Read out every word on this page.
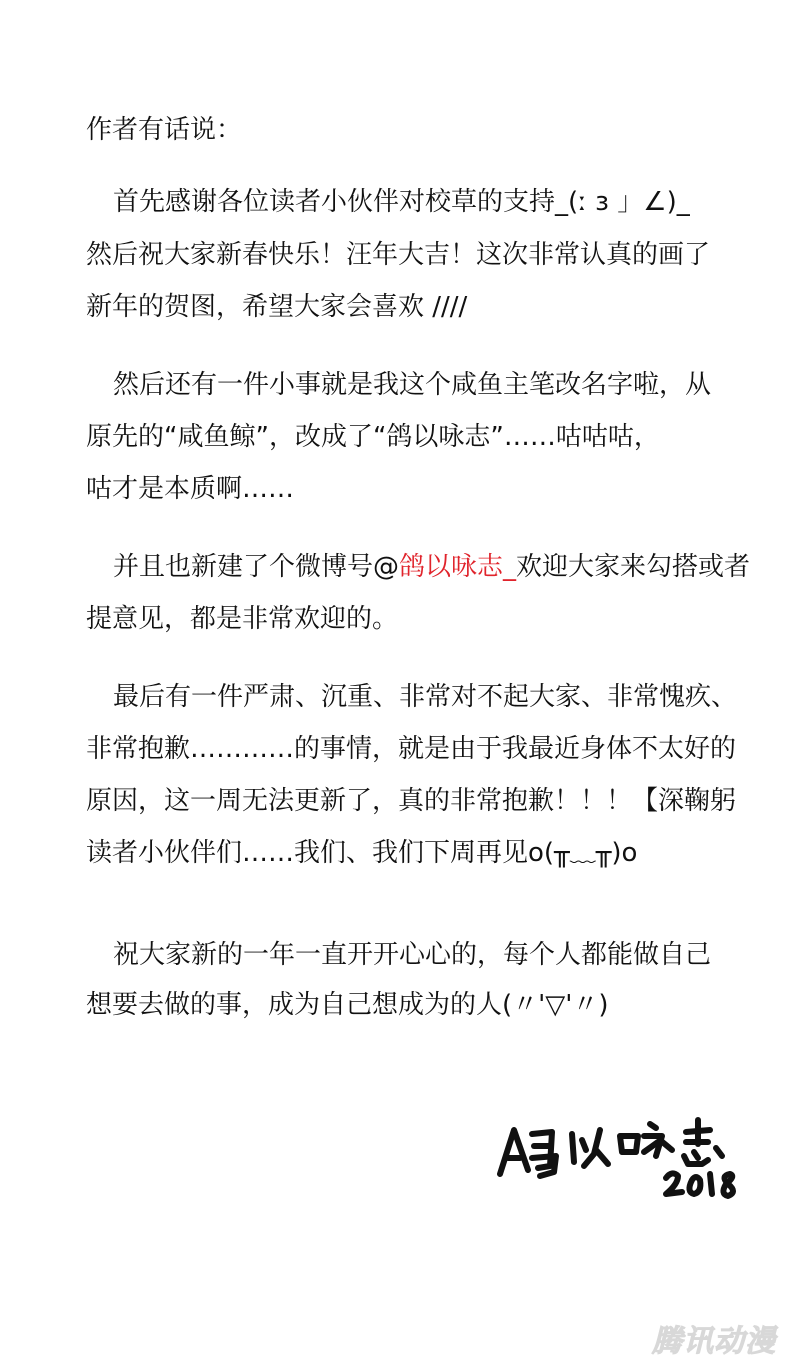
作者有话说：
首先感谢各位读者小伙伴对校草的支持_(ː ɜ 」∠)_
然后祝大家新春快乐！汪年大吉！这次非常认真的画了
新年的贺图，希望大家会喜欢 ////
然后还有一件小事就是我这个咸鱼主笔改名字啦，从
原先的“咸鱼鲸”，改成了“鸽以咏志”……咕咕咕，
咕才是本质啊……
并且也新建了个微博号@鸽以咏志_欢迎大家来勾搭或者
提意见，都是非常欢迎的。
最后有一件严肃、沉重、非常对不起大家、非常愧疚、
非常抱歉…………的事情，就是由于我最近身体不太好的
原因，这一周无法更新了，真的非常抱歉！！！【深鞠躬
读者小伙伴们……我们、我们下周再见o(╥﹏╥)o
祝大家新的一年一直开开心心的，每个人都能做自己
想要去做的事，成为自己想成为的人(〃'▽'〃)
腾讯动漫
